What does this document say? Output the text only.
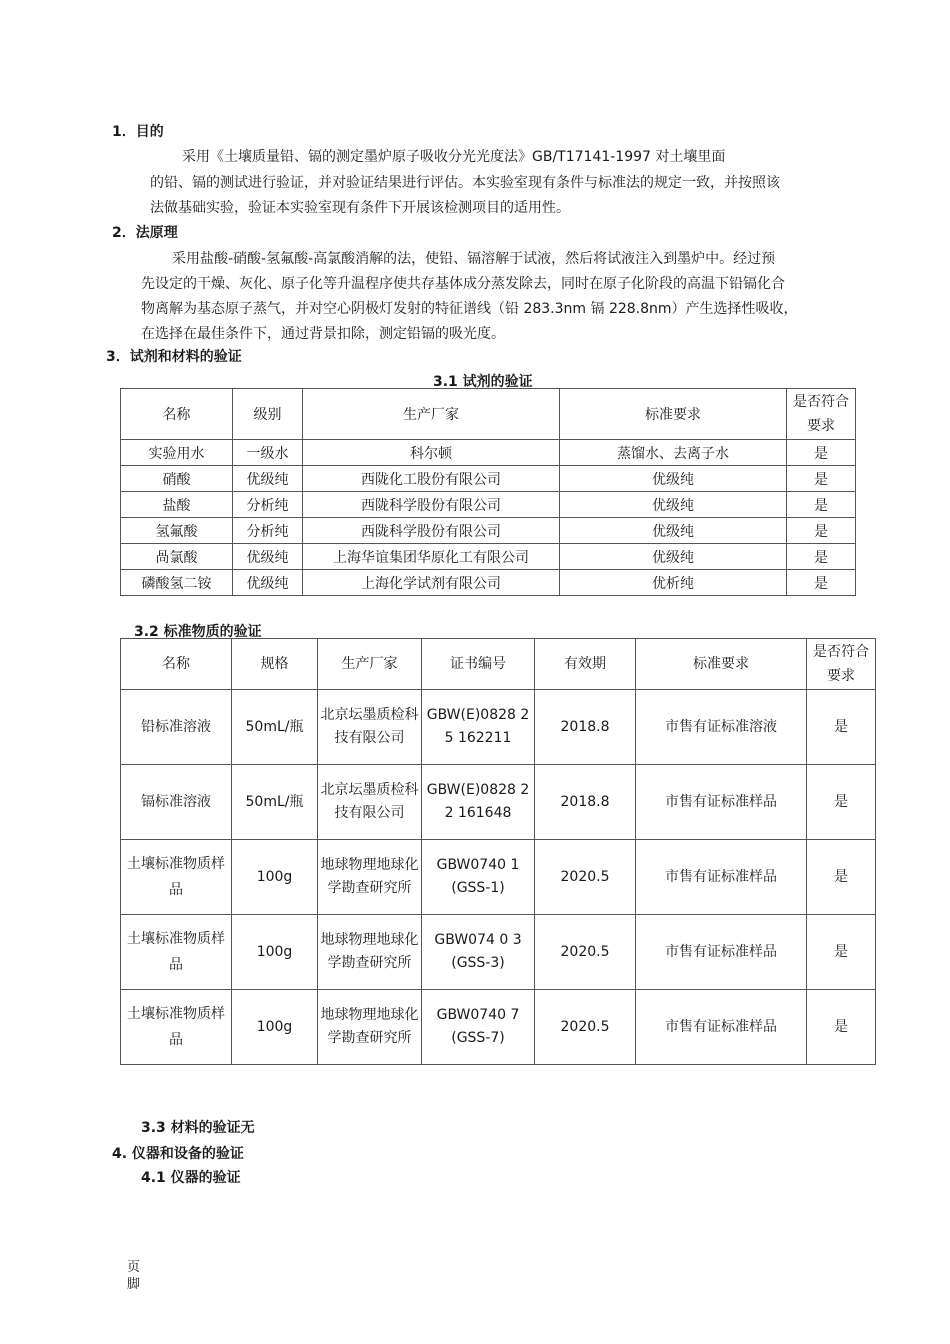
1．目的
采用《土壤质量铅、镉的测定墨炉原子吸收分光光度法》GB/T17141-1997 对土壤里面
的铅、镉的测试进行验证，并对验证结果进行评估。本实验室现有条件与标准法的规定一致，并按照该
法做基础实验，验证本实验室现有条件下开展该检测项目的适用性。
2．法原理
采用盐酸-硝酸-氢氟酸-高氯酸消解的法，使铅、镉溶解于试液，然后将试液注入到墨炉中。经过预
先设定的干燥、灰化、原子化等升温程序使共存基体成分蒸发除去，同时在原子化阶段的高温下铅镉化合
物离解为基态原子蒸气，并对空心阴极灯发射的特征谱线（铅 283.3nm 镉 228.8nm）产生选择性吸收，
在选择在最佳条件下，通过背景扣除，测定铅镉的吸光度。
3．试剂和材料的验证
3.1 试剂的验证
名称	级别	生产厂家	标准要求	是否符合要求
实验用水	一级水	科尔顿	蒸馏水、去离子水	是
硝酸	优级纯	西陇化工股份有限公司	优级纯	是
盐酸	分析纯	西陇科学股份有限公司	优级纯	是
氢氟酸	分析纯	西陇科学股份有限公司	优级纯	是
咼氯酸	优级纯	上海华谊集团华原化工有限公司	优级纯	是
磷酸氢二铵	优级纯	上海化学试剂有限公司	优析纯	是
3.2 标准物质的验证
名称	规格	生产厂家	证书编号	有效期	标准要求	是否符合要求
铅标准溶液	50mL/瓶	北京坛墨质检科技有限公司	GBW(E)0828 25 162211	2018.8	市售有证标准溶液	是
镉标准溶液	50mL/瓶	北京坛墨质检科技有限公司	GBW(E)0828 22 161648	2018.8	市售有证标准样品	是
土壤标准物质样品	100g	地球物理地球化学勘查研究所	GBW0740 1 (GSS-1)	2020.5	市售有证标准样品	是
土壤标准物质样品	100g	地球物理地球化学勘查研究所	GBW074 0 3 (GSS-3)	2020.5	市售有证标准样品	是
土壤标准物质样品	100g	地球物理地球化学勘查研究所	GBW0740 7 (GSS-7)	2020.5	市售有证标准样品	是
3.3 材料的验证无
4. 仪器和设备的验证
4.1 仪器的验证
页脚
